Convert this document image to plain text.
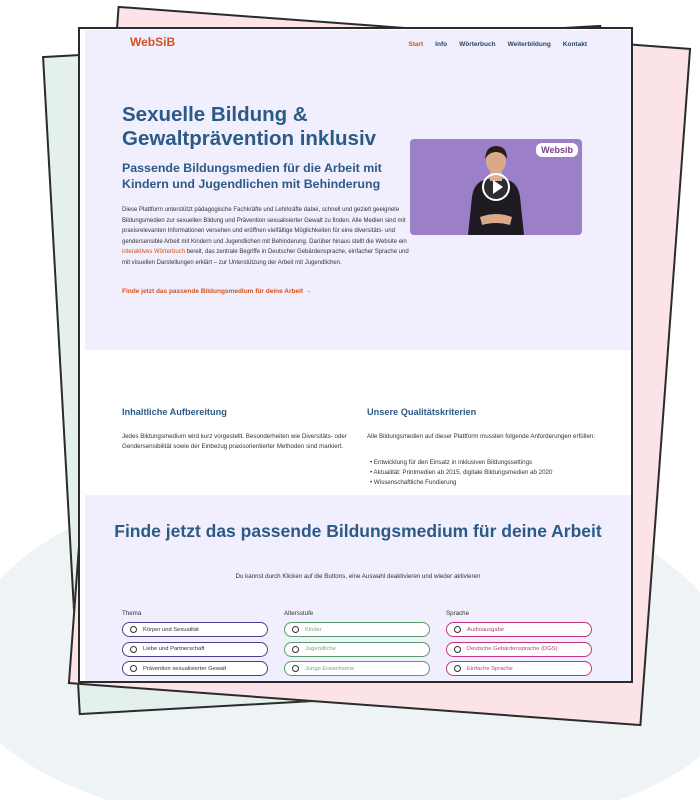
WebSiB	Start Info Wörterbuch Weiterbildung Kontakt
Sexuelle Bildung & Gewaltprävention inklusiv
Passende Bildungsmedien für die Arbeit mit Kindern und Jugendlichen mit Behinderung

Diese Plattform unterstützt pädagogische Fachkräfte und Lehrkräfte dabei, schnell und gezielt geeignete Bildungsmedien zur sexuellen Bildung und Prävention sexualisierter Gewalt zu finden. Alle Medien sind mit praxisrelevanten Informationen versehen und eröffnen vielfältige Möglichkeiten für eine diversitäts- und gendersensible Arbeit mit Kindern und Jugendlichen mit Behinderung. Darüber hinaus stellt die Website ein interaktives Wörterbuch bereit, das zentrale Begriffe in Deutscher Gebärdensprache, einfacher Sprache und mit visuellen Darstellungen erklärt – zur Unterstützung der Arbeit mit Jugendlichen.

Finde jetzt das passende Bildungsmedium für deine Arbeit →
Websib
Inhaltliche Aufbereitung

Jedes Bildungsmedium wird kurz vorgestellt. Besonderheiten wie Diversitäts- oder Gendersensibilität sowie der Einbezug praxisorientierter Methoden sind markiert.

Unsere Qualitätskriterien

Alle Bildungsmedien auf dieser Plattform mussten folgende Anforderungen erfüllen:

• Entwicklung für den Einsatz in inklusiven Bildungssettings
• Aktualität: Printmedien ab 2015, digitale Bildungsmedien ab 2020
• Wissenschaftliche Fundierung
Finde jetzt das passende Bildungsmedium für deine Arbeit

Du kannst durch Klicken auf die Buttons, eine Auswahl deaktivieren und wieder aktivieren

Thema
Körper und Sexualität
Liebe und Partnerschaft
Prävention sexualisierter Gewalt
Altersstufe
Kinder
Jugendliche
Junge Erwachsene
Sprache
Audioausgabe
Deutsche Gebärdensprache (DGS)
Einfache Sprache
